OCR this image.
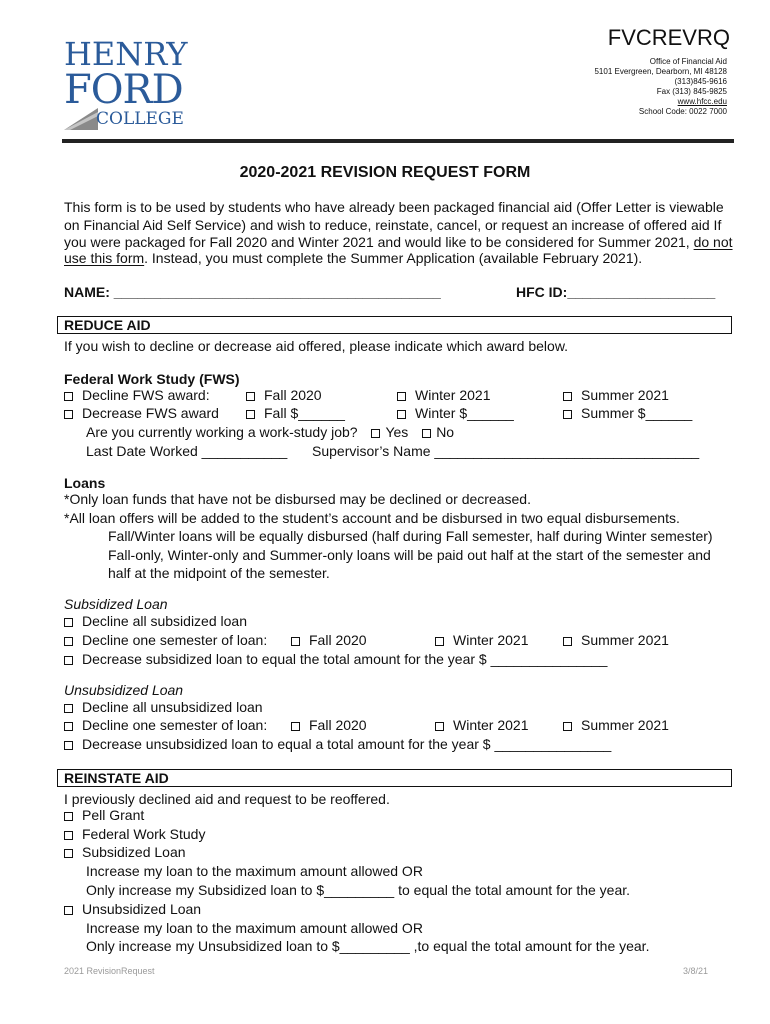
HENRY
FORD
COLLEGE
FVCREVRQ
Office of Financial Aid
5101 Evergreen, Dearborn, MI 48128
(313)845-9616
Fax (313) 845-9825
www.hfcc.edu
School Code: 0022 7000
2020-2021 REVISION REQUEST FORM
This form is to be used by students who have already been packaged financial aid (Offer Letter is viewable
on Financial Aid Self Service) and wish to reduce, reinstate, cancel, or request an increase of offered aid If
you were packaged for Fall 2020 and Winter 2021 and would like to be considered for Summer 2021, do not
use this form. Instead, you must complete the Summer Application (available February 2021).
NAME: __________________________________________	HFC ID:___________________
REDUCE AID
If you wish to decline or decrease aid offered, please indicate which award below.
Federal Work Study (FWS)
Decline FWS award:	Fall 2020	Winter 2021	Summer 2021
Decrease FWS award	Fall $______	Winter $______	Summer $______
Are you currently working a work-study job? Yes No
Last Date Worked ___________ Supervisor’s Name __________________________________
Loans
*Only loan funds that have not be disbursed may be declined or decreased.
*All loan offers will be added to the student’s account and be disbursed in two equal disbursements.
Fall/Winter loans will be equally disbursed (half during Fall semester, half during Winter semester)
Fall-only, Winter-only and Summer-only loans will be paid out half at the start of the semester and
half at the midpoint of the semester.
Subsidized Loan
Decline all subsidized loan
Decline one semester of loan:	Fall 2020	Winter 2021	Summer 2021
Decrease subsidized loan to equal the total amount for the year $ _______________
Unsubsidized Loan
Decline all unsubsidized loan
Decline one semester of loan:	Fall 2020	Winter 2021	Summer 2021
Decrease unsubsidized loan to equal a total amount for the year $ _______________
REINSTATE AID
I previously declined aid and request to be reoffered.
Pell Grant
Federal Work Study
Subsidized Loan
Increase my loan to the maximum amount allowed OR
Only increase my Subsidized loan to $_________ to equal the total amount for the year.
Unsubsidized Loan
Increase my loan to the maximum amount allowed OR
Only increase my Unsubsidized loan to $_________ ,to equal the total amount for the year.
2021 RevisionRequest	3/8/21
